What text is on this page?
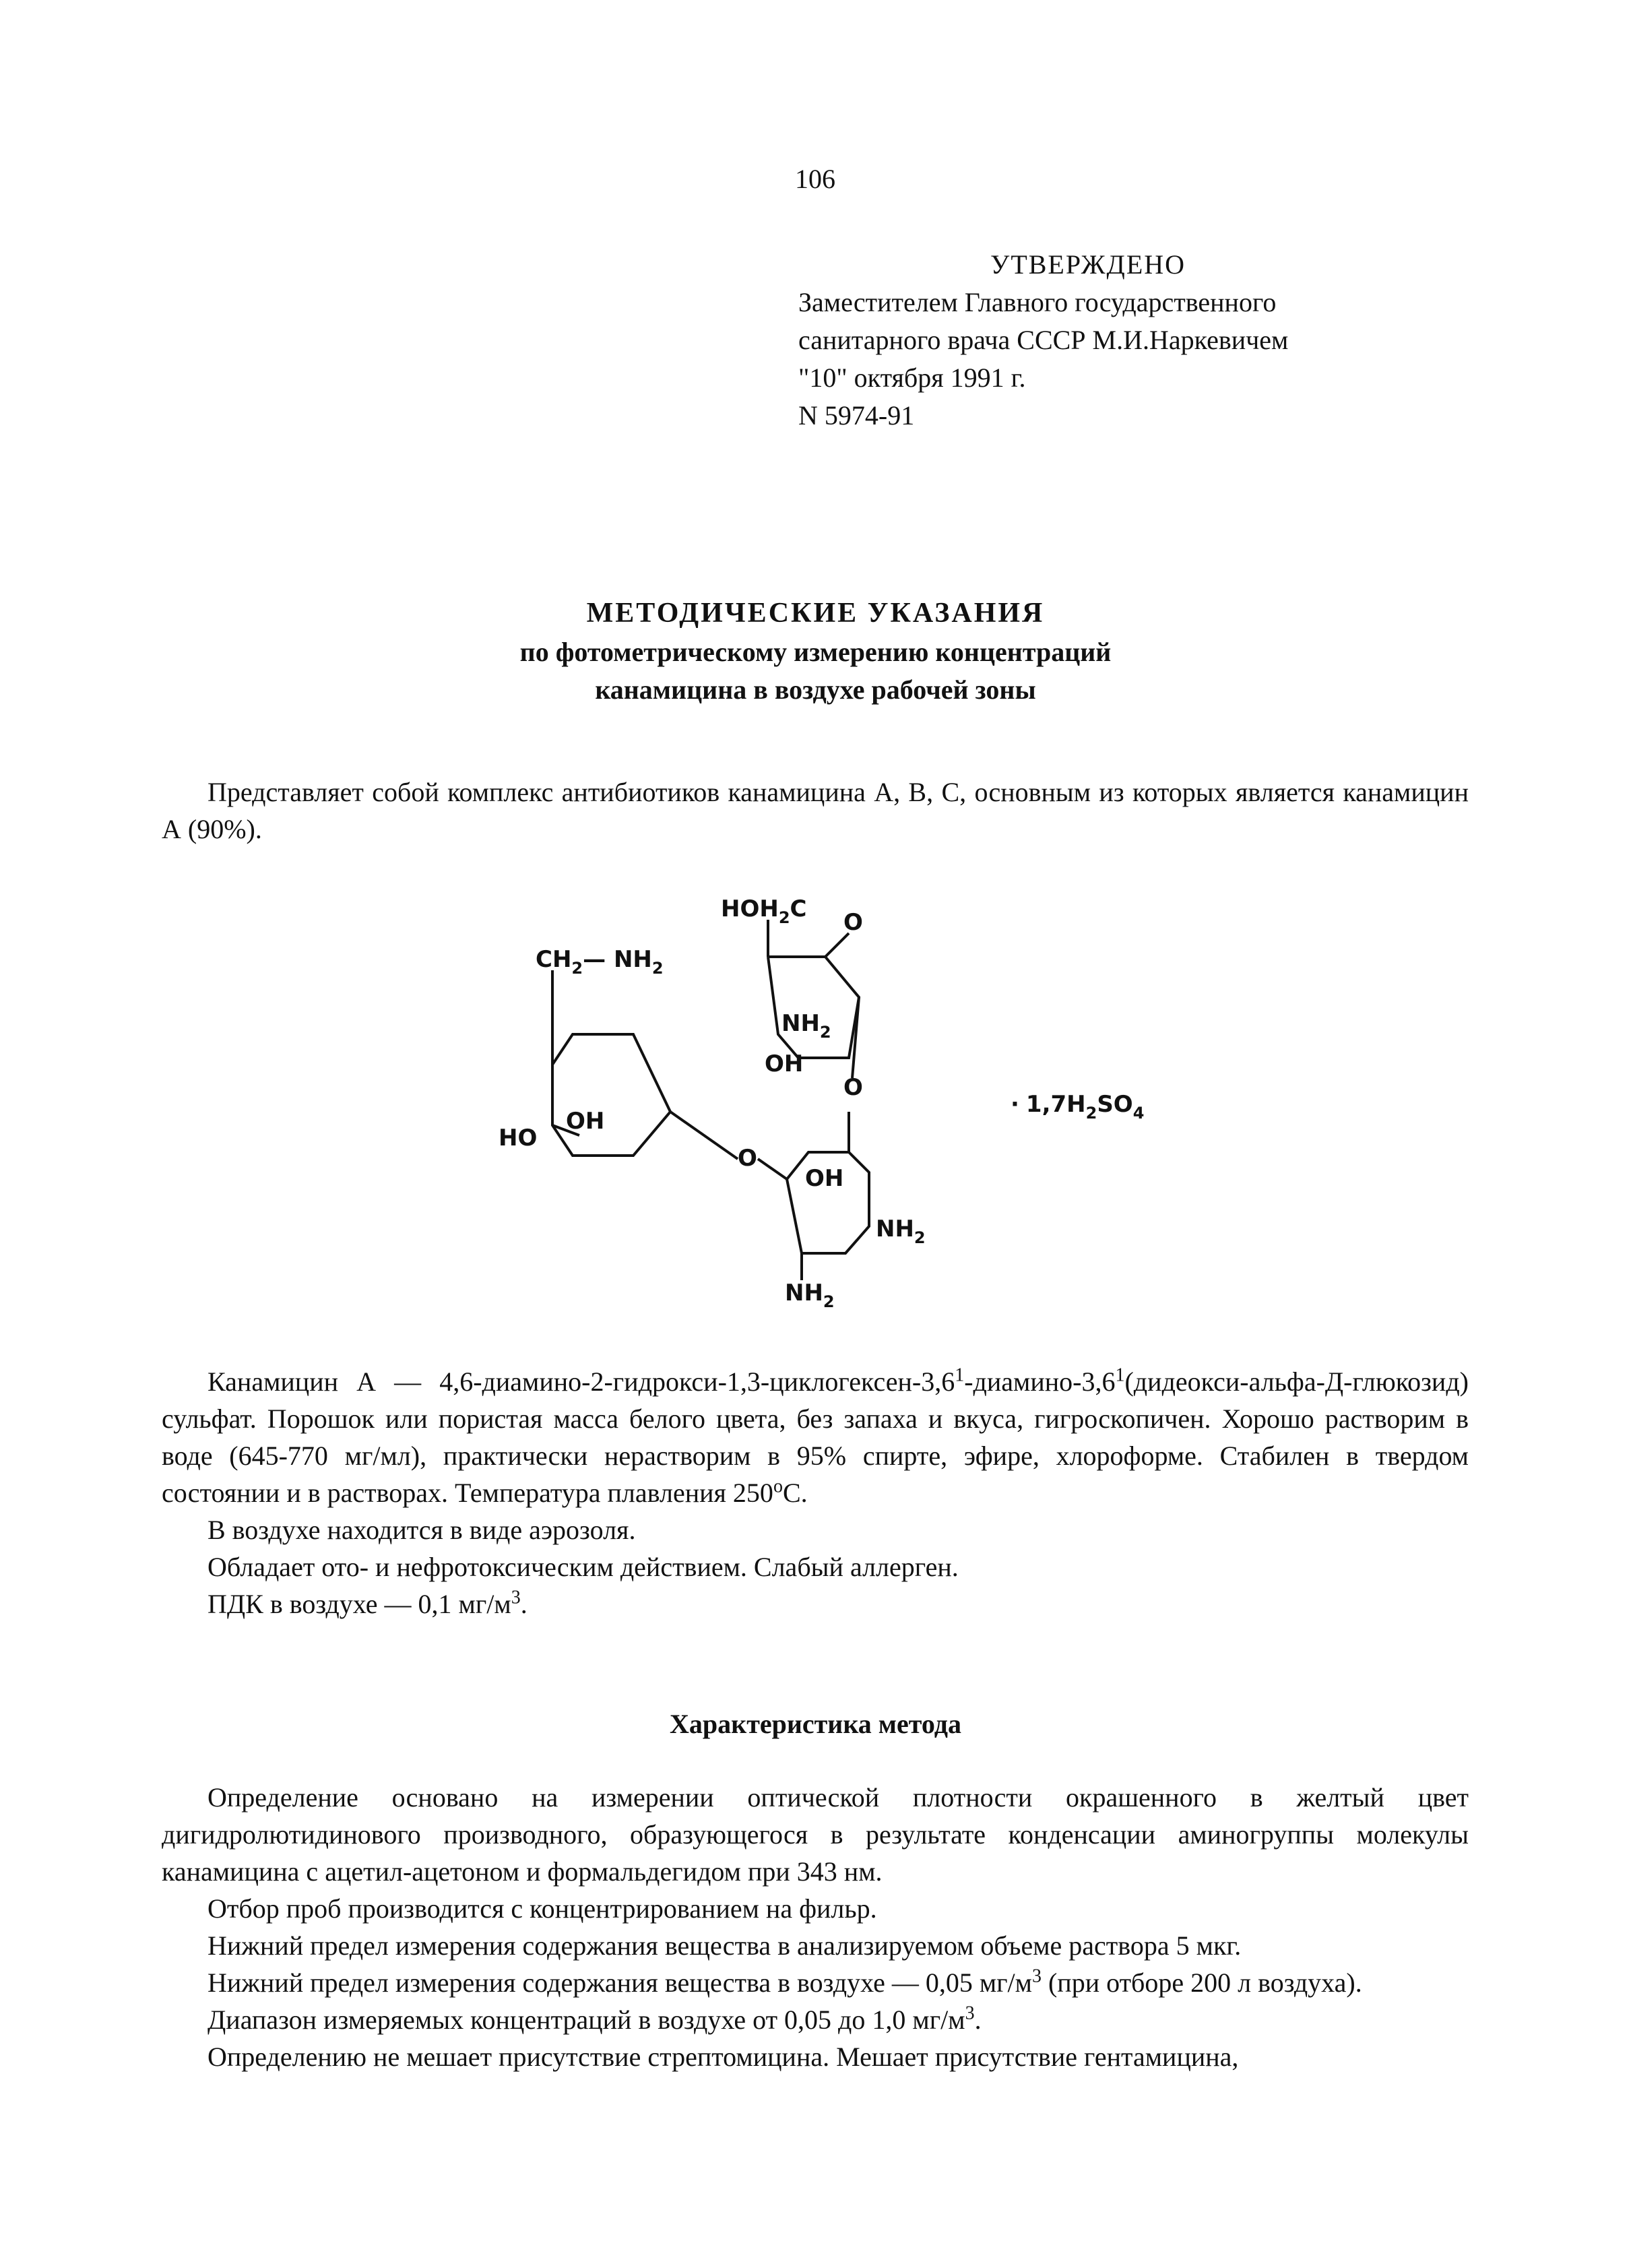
106
УТВЕРЖДЕНО
Заместителем Главного государственного
санитарного врача СССР М.И.Наркевичем
"10" октября 1991 г.
N 5974-91
МЕТОДИЧЕСКИЕ УКАЗАНИЯ
по фотометрическому измерению концентраций
канамицина в воздухе рабочей зоны

Представляет собой комплекс антибиотиков канамицина А, В, С, основным из которых является канамицин А (90%).

$CH_2—$ $NH_2$
OH
HO
O
$HOH_2C$ O
$NH_2$
OH
O
OH
$NH_2$
$NH_2$
· $1,7H_2SO_4$

Канамицин А — $4,6-диамино-2-гидрокси-1,3-циклогексен-3,6^1-диамино-3,6^1(дидеокси-альфа-Д-глюкозид)$ сульфат. Порошок или пористая масса белого цвета, без запаха и вкуса, гигроскопичен. Хорошо растворим в воде (645-770 мг/мл), практически нерастворим в 95% спирте, эфире, хлороформе. Стабилен в твердом состоянии и в растворах. Температура плавления 250$^o$С.

В воздухе находится в виде аэрозоля.

Обладает ото- и нефротоксическим действием. Слабый аллерген.

ПДК в воздухе — 0,1 $мг/м^3$.

Характеристика метода

Определение основано на измерении оптической плотности окрашенного в желтый цвет дигидролютидинового производного, образующегося в результате конденсации аминогруппы молекулы канамицина с ацетил-ацетоном и формальдегидом при 343 нм.

Отбор проб производится с концентрированием на фильр.

Нижний предел измерения содержания вещества в анализируемом объеме раствора 5 мкг.

Нижний предел измерения содержания вещества в воздухе — 0,05 $мг/м^3$ (при отборе 200 л воздуха).

Диапазон измеряемых концентраций в воздухе от 0,05 до 1,0 $мг/м^3$.

Определению не мешает присутствие стрептомицина. Мешает присутствие гентамицина,
